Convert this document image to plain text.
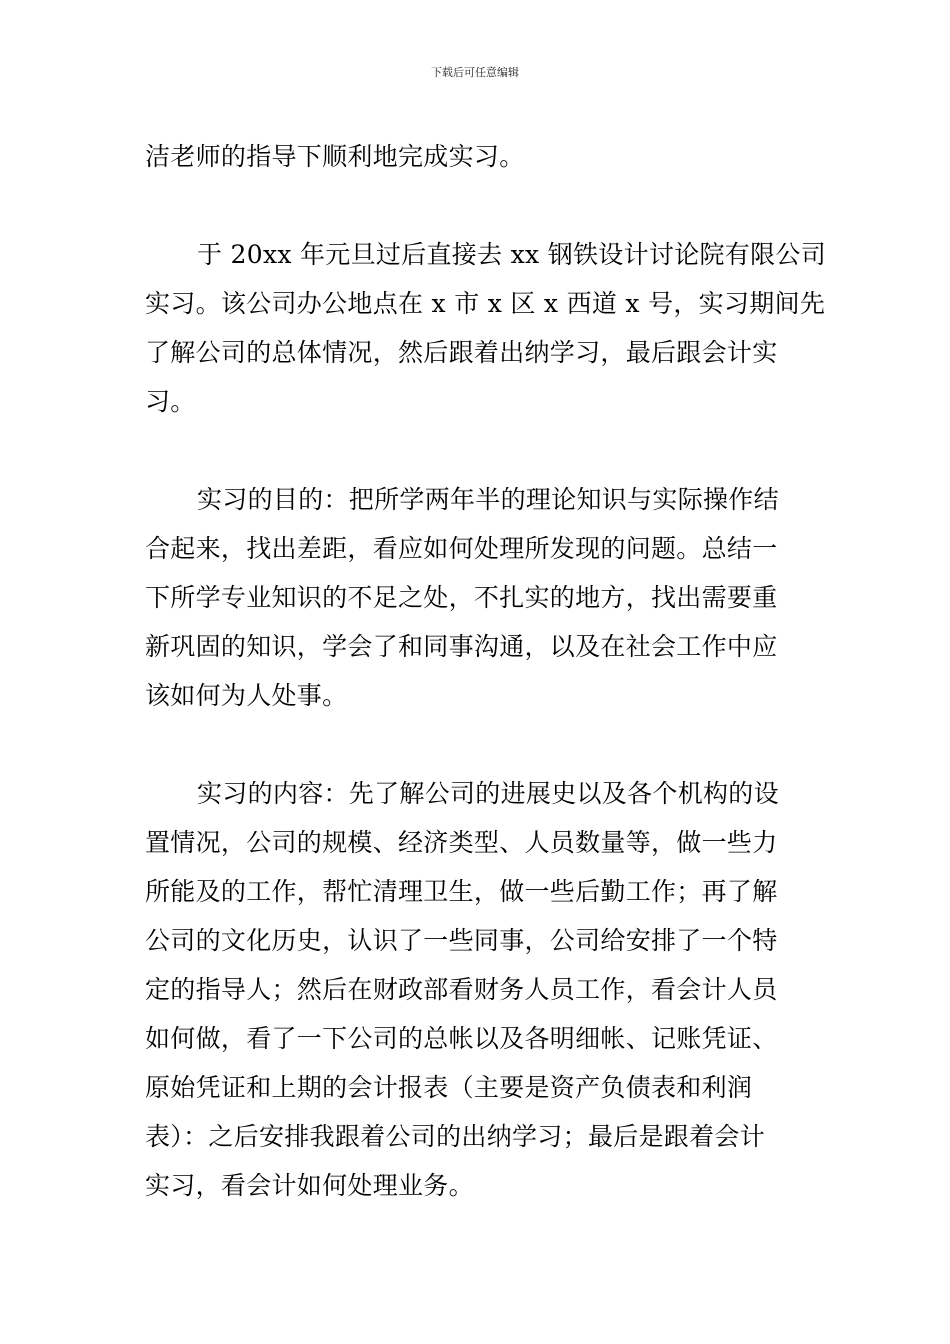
下载后可任意编辑
洁老师的指导下顺利地完成实习。
于 20xx 年元旦过后直接去 xx 钢铁设计讨论院有限公司
实习。该公司办公地点在 x 市 x 区 x 西道 x 号，实习期间先
了解公司的总体情况，然后跟着出纳学习，最后跟会计实
习。
实习的目的：把所学两年半的理论知识与实际操作结
合起来，找出差距，看应如何处理所发现的问题。总结一
下所学专业知识的不足之处，不扎实的地方，找出需要重
新巩固的知识，学会了和同事沟通，以及在社会工作中应
该如何为人处事。
实习的内容：先了解公司的进展史以及各个机构的设
置情况，公司的规模、经济类型、人员数量等，做一些力
所能及的工作，帮忙清理卫生，做一些后勤工作；再了解
公司的文化历史，认识了一些同事，公司给安排了一个特
定的指导人；然后在财政部看财务人员工作，看会计人员
如何做，看了一下公司的总帐以及各明细帐、记账凭证、
原始凭证和上期的会计报表（主要是资产负债表和利润
表）：之后安排我跟着公司的出纳学习；最后是跟着会计
实习，看会计如何处理业务。
